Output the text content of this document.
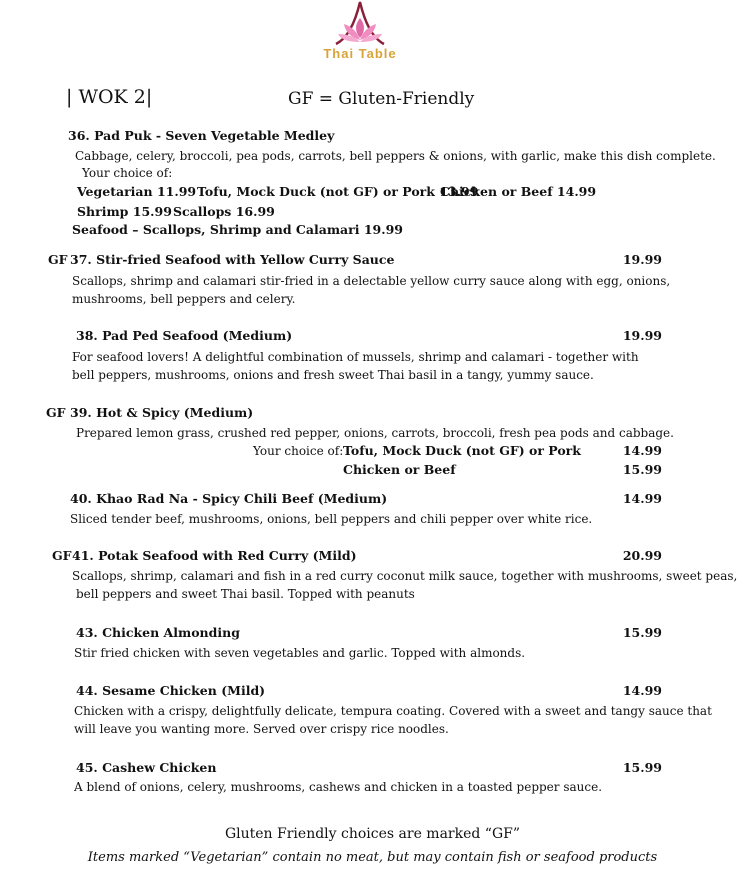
Thai Table
| WOK 2|	GF = Gluten-Friendly
36. Pad Puk - Seven Vegetable Medley
Cabbage, celery, broccoli, pea pods, carrots, bell peppers & onions, with garlic, make this dish complete.
Your choice of:
Vegetarian 11.99 Tofu, Mock Duck (not GF) or Pork 13.99
Chicken or Beef 14.99
Shrimp 15.99 Scallops 16.99
Seafood – Scallops, Shrimp and Calamari 19.99
GF 37. Stir-fried Seafood with Yellow Curry Sauce	19.99
Scallops, shrimp and calamari stir-fried in a delectable yellow curry sauce along with egg, onions,
mushrooms, bell peppers and celery.
38. Pad Ped Seafood (Medium)	19.99
For seafood lovers! A delightful combination of mussels, shrimp and calamari - together with
bell peppers, mushrooms, onions and fresh sweet Thai basil in a tangy, yummy sauce.
GF 39. Hot & Spicy (Medium)
Prepared lemon grass, crushed red pepper, onions, carrots, broccoli, fresh pea pods and cabbage.
Your choice of: Tofu, Mock Duck (not GF) or Pork	14.99
Chicken or Beef	15.99
40. Khao Rad Na - Spicy Chili Beef (Medium)	14.99
Sliced tender beef, mushrooms, onions, bell peppers and chili pepper over white rice.
GF 41. Potak Seafood with Red Curry (Mild)	20.99
Scallops, shrimp, calamari and fish in a red curry coconut milk sauce, together with mushrooms, sweet peas,
bell peppers and sweet Thai basil. Topped with peanuts
43. Chicken Almonding	15.99
Stir fried chicken with seven vegetables and garlic. Topped with almonds.
44. Sesame Chicken (Mild)	14.99
Chicken with a crispy, delightfully delicate, tempura coating. Covered with a sweet and tangy sauce that
will leave you wanting more. Served over crispy rice noodles.
45. Cashew Chicken	15.99
A blend of onions, celery, mushrooms, cashews and chicken in a toasted pepper sauce.
Gluten Friendly choices are marked “GF”
Items marked “Vegetarian” contain no meat, but may contain fish or seafood products
